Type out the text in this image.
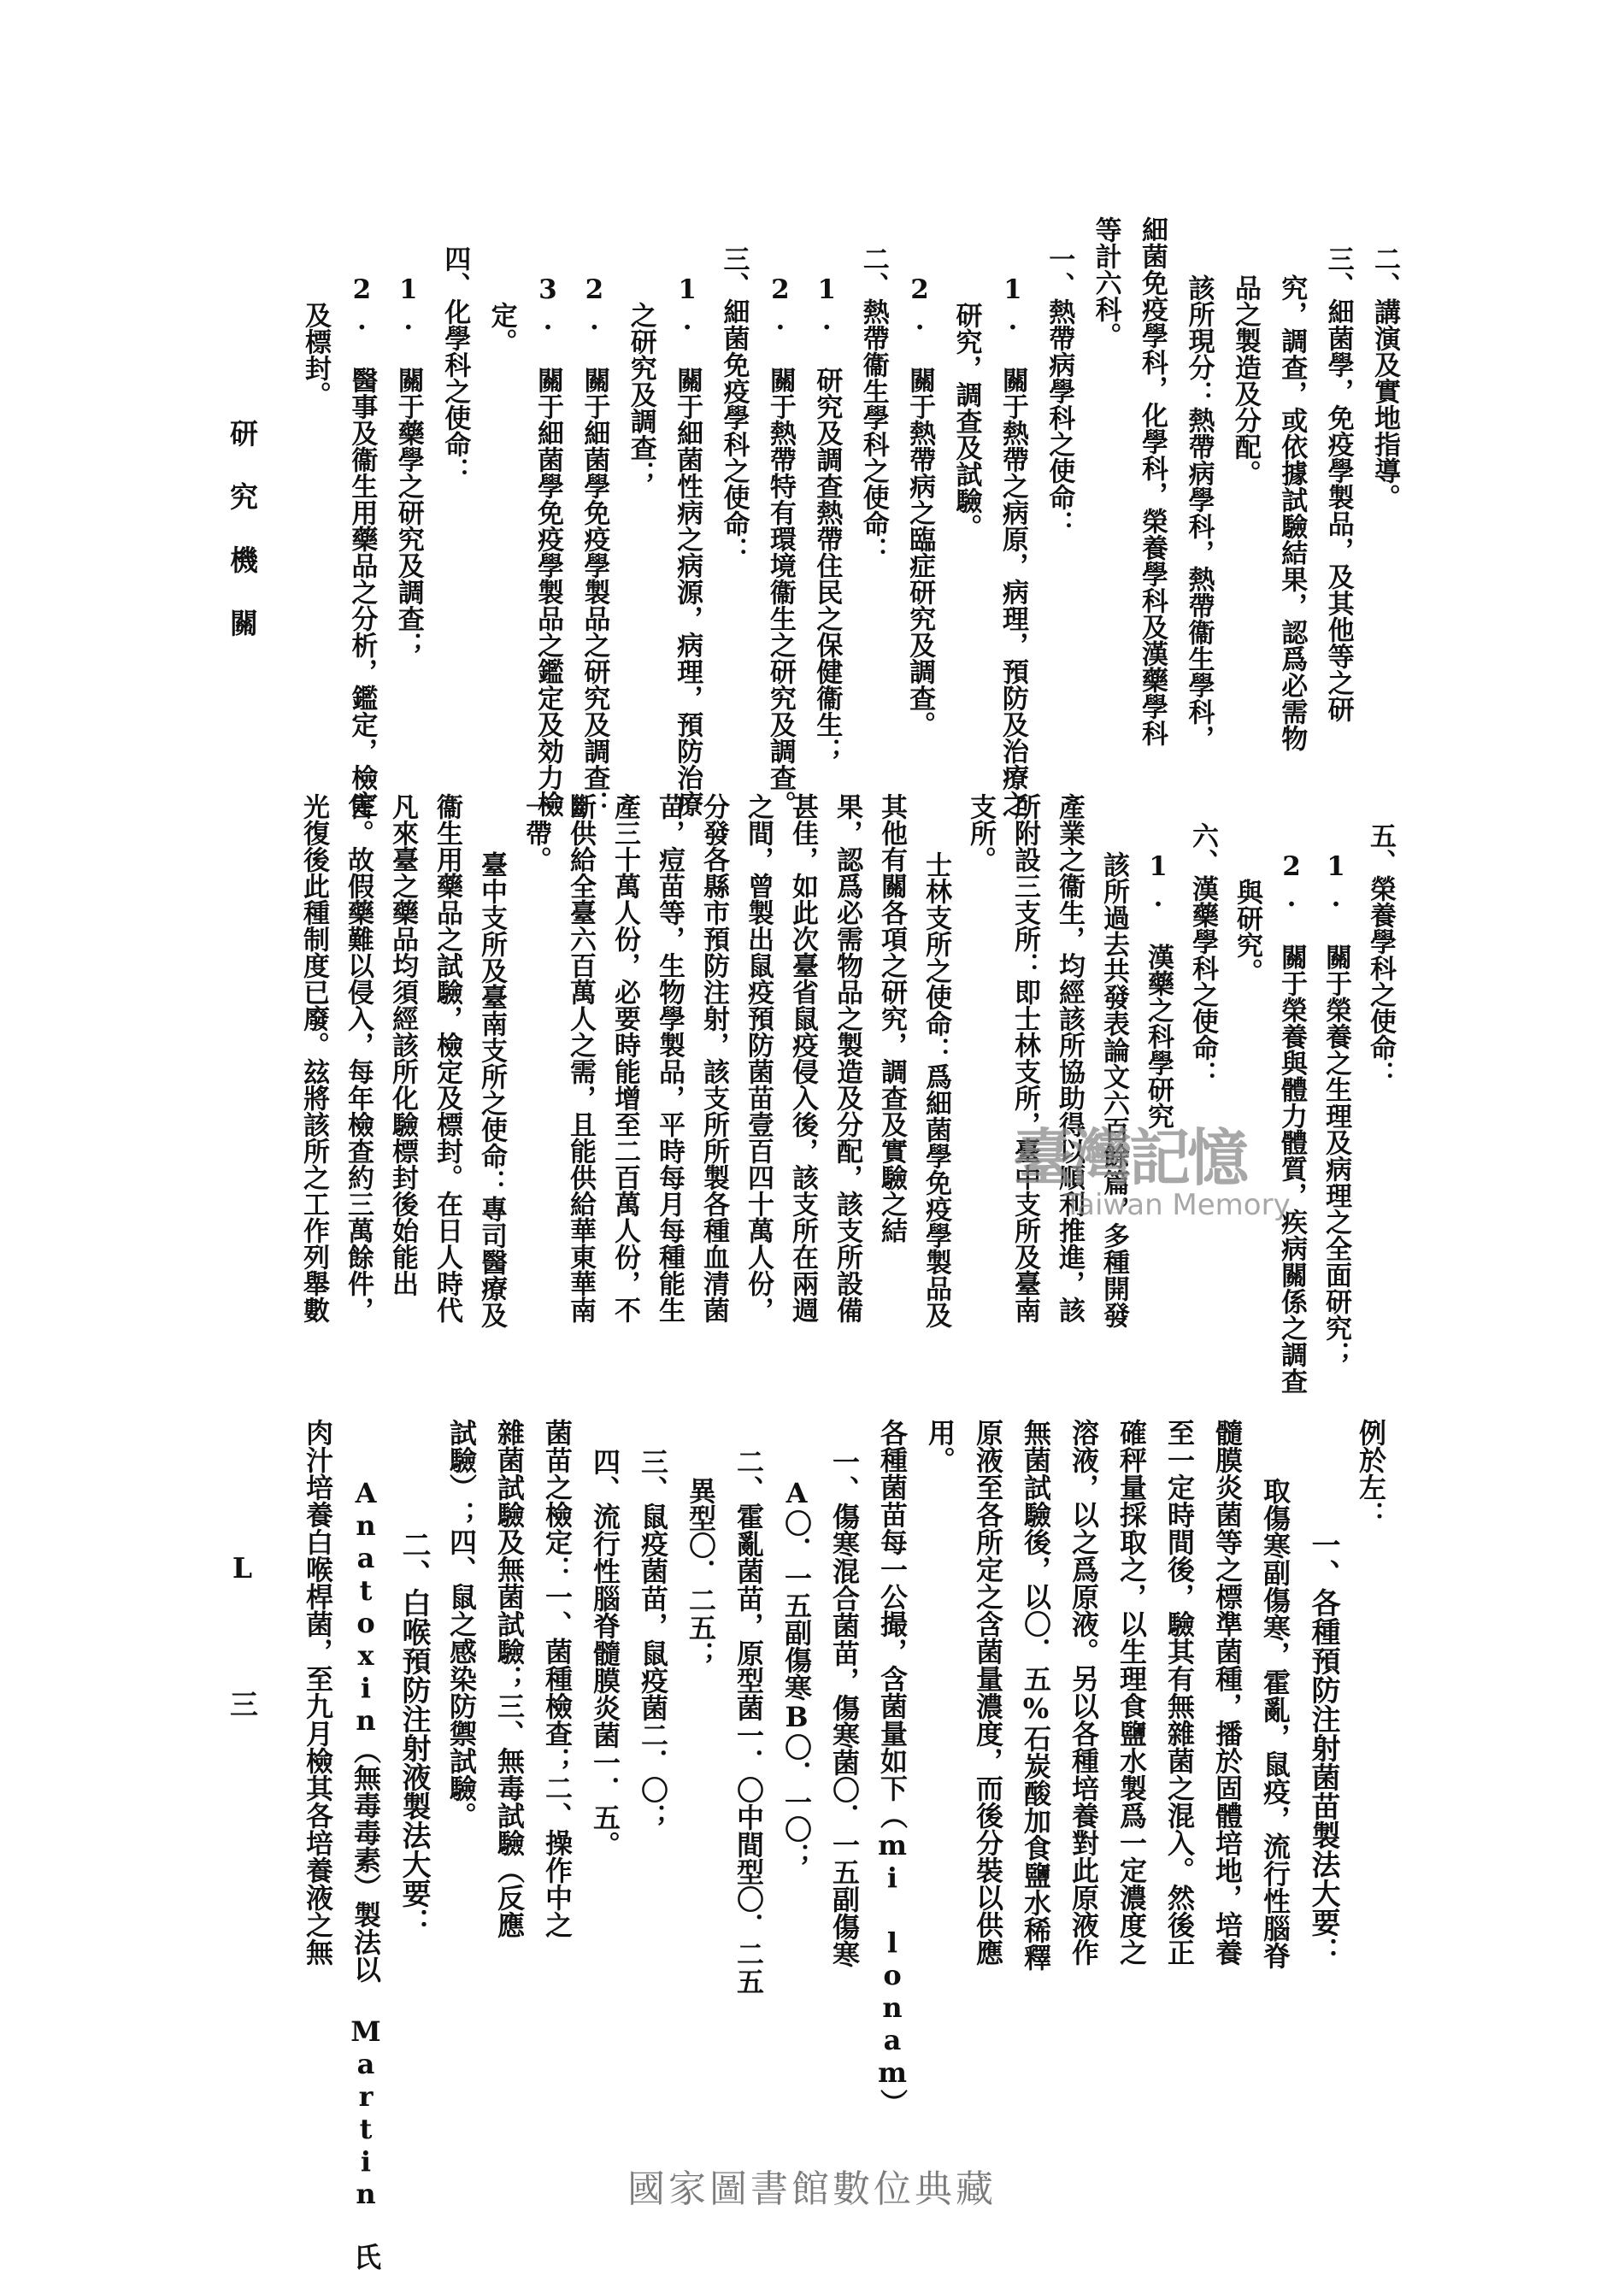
研究機關
二、講演及實地指導。
三、細菌學，免疫學製品，及其他等之研
究，調查，或依據試驗結果，認爲必需物
品之製造及分配。
該所現分：熱帶病學科，熱帶衞生學科，
細菌免疫學科，化學科，榮養學科及漢藥學科
等計六科。
一、熱帶病學科之使命：
1. 關于熱帶之病原，病理，預防及治療之
研究，調查及試驗。
2. 關于熱帶病之臨症研究及調查。
二、熱帶衞生學科之使命：
1. 研究及調查熱帶住民之保健衞生；
2. 關于熱帶特有環境衞生之研究及調查。
三、細菌免疫學科之使命：
1. 關于細菌性病之病源，病理，預防治療
之研究及調查；
2. 關于細菌學免疫學製品之研究及調查：
3. 關于細菌學免疫學製品之鑑定及効力檢
定。
四、化學科之使命：
1. 關于藥學之研究及調查；
2. 醫事及衞生用藥品之分析，鑑定，檢定
及標封。
五、榮養學科之使命：
1. 關于榮養之生理及病理之全面研究；
2. 關于榮養與體力體質，疾病關係之調查
與研究。
六、漢藥學科之使命：
1. 漢藥之科學研究
該所過去共發表論文六百餘篇，多種開發
產業之衞生，均經該所協助得以順利推進，該
所附設三支所：即士林支所，臺中支所及臺南
支所。
士林支所之使命：爲細菌學免疫學製品及
其他有關各項之研究，調查及實驗之結
果，認爲必需物品之製造及分配，該支所設備
甚佳，如此次臺省鼠疫侵入後，該支所在兩週
之間，曾製出鼠疫預防菌苗壹百四十萬人份，
分發各縣市預防注射，該支所所製各種血清菌
苗，痘苗等，生物學製品，平時每月每種能生
產三十萬人份，必要時能增至二百萬人份，不
斷供給全臺六百萬人之需，且能供給華東華南
一帶。
臺中支所及臺南支所之使命：專司醫療及
衞生用藥品之試驗，檢定及標封。在日人時代
凡來臺之藥品均須經該所化驗標封後始能出
售。故假藥難以侵入，每年檢查約三萬餘件，
光復後此種制度已廢。玆將該所之工作列舉數
例於左：
一、各種預防注射菌苗製法大要：
取傷寒副傷寒，霍亂，鼠疫，流行性腦脊
髓膜炎菌等之標準菌種，播於固體培地，培養
至一定時間後，驗其有無雜菌之混入。然後正
確秤量採取之，以生理食鹽水製爲一定濃度之
溶液，以之爲原液。另以各種培養對此原液作
無菌試驗後，以〇．五%石炭酸加食鹽水稀釋
原液至各所定之含菌量濃度，而後分裝以供應
用。
各種菌苗每一公撮，含菌量如下（mi lonam）
一、傷寒混合菌苗，傷寒菌〇．一五副傷寒
A〇．一五副傷寒B〇．一〇；
二、霍亂菌苗，原型菌一．〇中間型〇．二五
異型〇．二五；
三、鼠疫菌苗，鼠疫菌二．〇；
四、流行性腦脊髓膜炎菌一．五。
菌苗之檢定：一、菌種檢查；二、操作中之
雜菌試驗及無菌試驗；三、無毒試驗（反應
試驗）；四、鼠之感染防禦試驗。
二、白喉預防注射液製法大要：
Anatoxin（無毒毒素）製法以 Martin 氏
肉汁培養白喉桿菌，至九月檢其各培養液之無
臺灣記憶
Taiwan Memory
L 三
國家圖書館數位典藏
